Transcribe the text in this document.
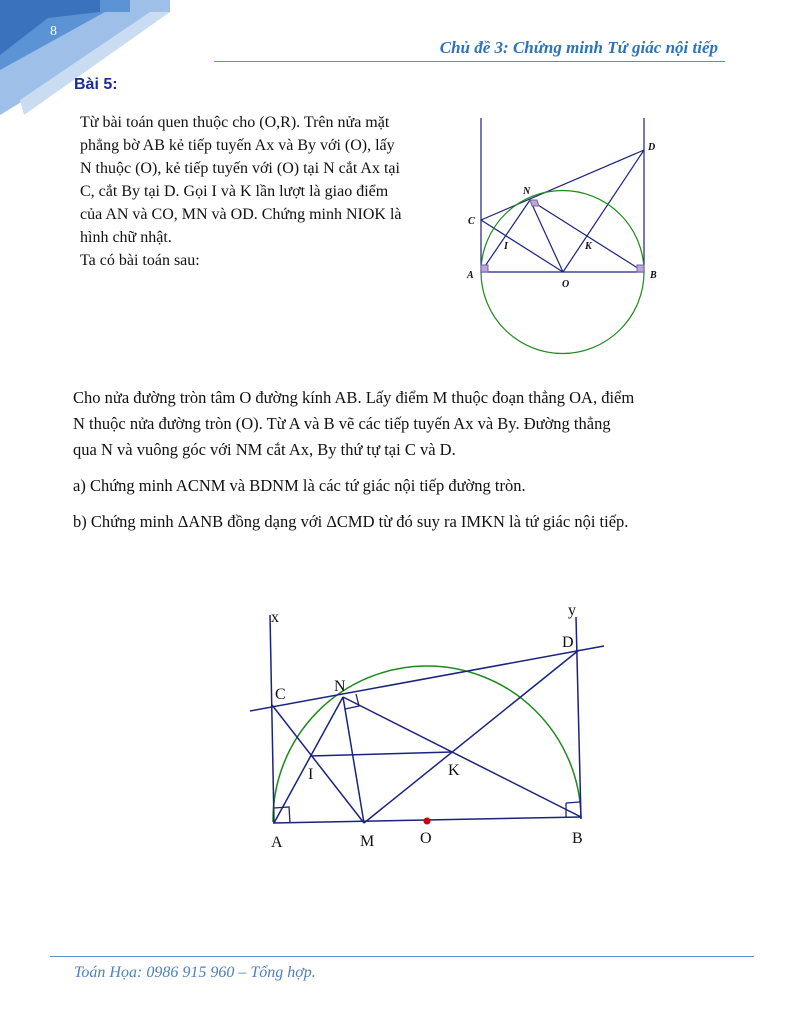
8
Chủ đề 3: Chứng minh Tứ giác nội tiếp
Bài 5:

Từ bài toán quen thuộc cho (O,R). Trên nửa mặt

phẳng bờ AB kẻ tiếp tuyến Ax và By với (O), lấy

N thuộc (O), kẻ tiếp tuyến với (O) tại N cắt Ax tại

C, cắt By tại D. Gọi I và K lần lượt là giao điểm

của AN và CO, MN và OD. Chứng minh NIOK là

hình chữ nhật.

Ta có bài toán sau:

D
N
C
I	K
A
O
B

Cho nửa đường tròn tâm O đường kính AB. Lấy điểm M thuộc đoạn thẳng OA, điểm

N thuộc nửa đường tròn (O). Từ A và B vẽ các tiếp tuyến Ax và By. Đường thẳng

qua N và vuông góc với NM cắt Ax, By thứ tự tại C và D.

a) Chứng minh ACNM và BDNM là các tứ giác nội tiếp đường tròn.

b) Chứng minh ΔANB đồng dạng với ΔCMD từ đó suy ra IMKN là tứ giác nội tiếp.

x	y
D
C	N
I	K
A	M	O	B
Toán Họa: 0986 915 960 – Tổng hợp.
